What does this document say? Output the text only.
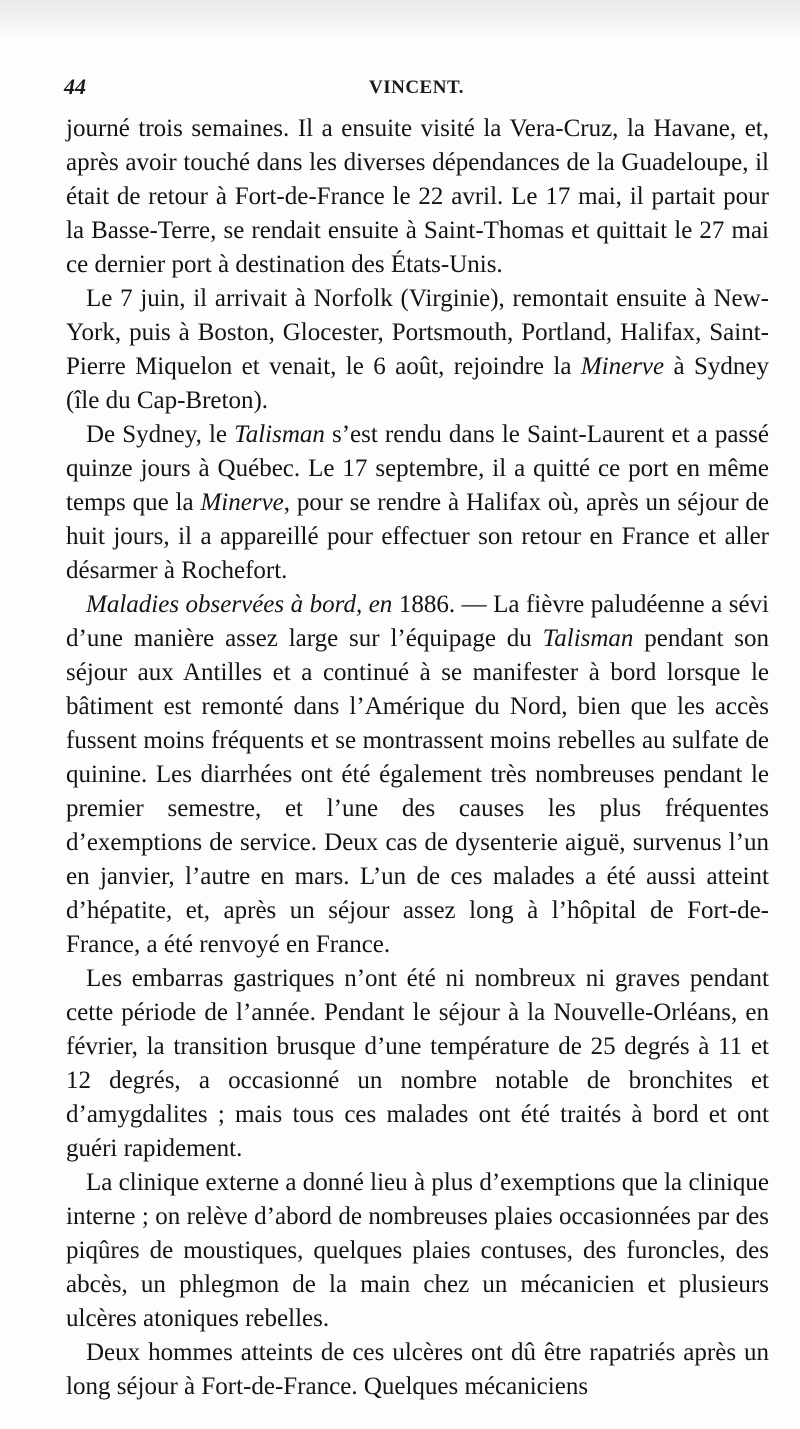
44	VINCENT.

journé trois semaines. Il a ensuite visité la Vera-Cruz, la Havane, et, après avoir touché dans les diverses dépendances de la Guadeloupe, il était de retour à Fort-de-France le 22 avril. Le 17 mai, il partait pour la Basse-Terre, se rendait ensuite à Saint-Thomas et quittait le 27 mai ce dernier port à destination des États-Unis.

Le 7 juin, il arrivait à Norfolk (Virginie), remontait ensuite à New-York, puis à Boston, Glocester, Portsmouth, Portland, Halifax, Saint-Pierre Miquelon et venait, le 6 août, rejoindre la Minerve à Sydney (île du Cap-Breton).

De Sydney, le Talisman s’est rendu dans le Saint-Laurent et a passé quinze jours à Québec. Le 17 septembre, il a quitté ce port en même temps que la Minerve, pour se rendre à Halifax où, après un séjour de huit jours, il a appareillé pour effectuer son retour en France et aller désarmer à Rochefort.

Maladies observées à bord, en 1886. — La fièvre paludéenne a sévi d’une manière assez large sur l’équipage du Talisman pendant son séjour aux Antilles et a continué à se manifester à bord lorsque le bâtiment est remonté dans l’Amérique du Nord, bien que les accès fussent moins fréquents et se montrassent moins rebelles au sulfate de quinine. Les diarrhées ont été également très nombreuses pendant le premier semestre, et l’une des causes les plus fréquentes d’exemptions de service. Deux cas de dysenterie aiguë, survenus l’un en janvier, l’autre en mars. L’un de ces malades a été aussi atteint d’hépatite, et, après un séjour assez long à l’hôpital de Fort-de-France, a été renvoyé en France.

Les embarras gastriques n’ont été ni nombreux ni graves pendant cette période de l’année. Pendant le séjour à la Nouvelle-Orléans, en février, la transition brusque d’une température de 25 degrés à 11 et 12 degrés, a occasionné un nombre notable de bronchites et d’amygdalites ; mais tous ces malades ont été traités à bord et ont guéri rapidement.

La clinique externe a donné lieu à plus d’exemptions que la clinique interne ; on relève d’abord de nombreuses plaies occasionnées par des piqûres de moustiques, quelques plaies contuses, des furoncles, des abcès, un phlegmon de la main chez un mécanicien et plusieurs ulcères atoniques rebelles.

Deux hommes atteints de ces ulcères ont dû être rapatriés après un long séjour à Fort-de-France. Quelques mécaniciens
